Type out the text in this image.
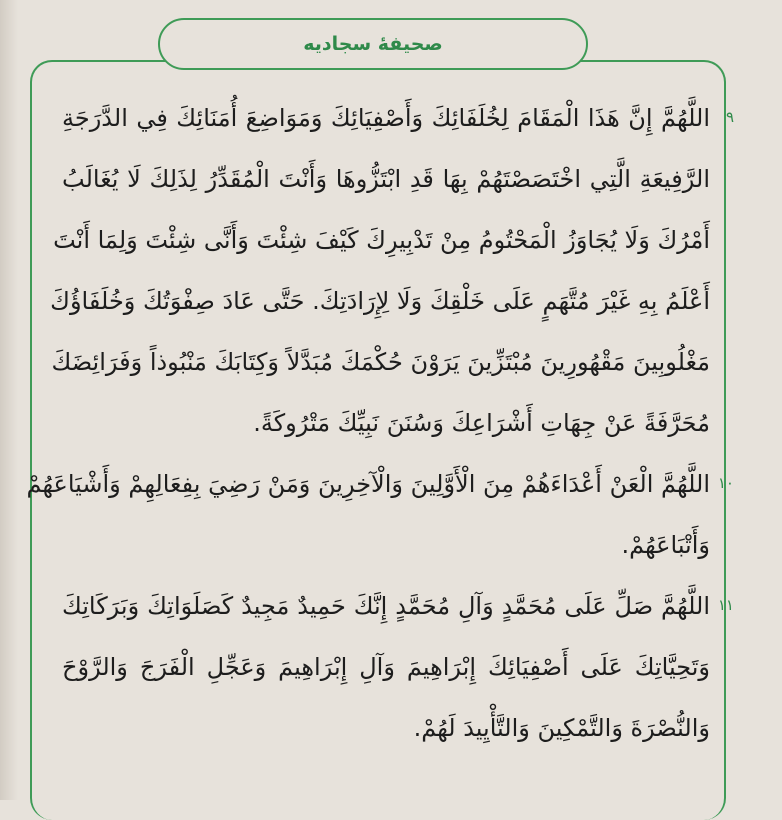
صحيفهٔ سجاديه
٩
اللَّهُمَّ إِنَّ هَذَا الْمَقَامَ لِخُلَفَائِكَ وَأَصْفِيَائِكَ وَمَوَاضِعَ أُمَنَائِكَ فِي الدَّرَجَةِ
الرَّفِيعَةِ الَّتِي اخْتَصَصْتَهُمْ بِهَا قَدِ ابْتَزُّوهَا وَأَنْتَ الْمُقَدِّرُ لِذَلِكَ لَا يُغَالَبُ
أَمْرُكَ وَلَا يُجَاوَزُ الْمَحْتُومُ مِنْ تَدْبِيرِكَ كَيْفَ شِئْتَ وَأَنَّى شِئْتَ وَلِمَا أَنْتَ
أَعْلَمُ بِهِ غَيْرَ مُتَّهَمٍ عَلَى خَلْقِكَ وَلَا لِإِرَادَتِكَ. حَتَّى عَادَ صِفْوَتُكَ وَخُلَفَاؤُكَ
مَغْلُوبِينَ مَقْهُورِينَ مُبْتَزِّينَ يَرَوْنَ حُكْمَكَ مُبَدَّلاً وَكِتَابَكَ مَنْبُوذاً وَفَرَائِضَكَ
مُحَرَّفَةً عَنْ جِهَاتِ أَشْرَاعِكَ وَسُنَنَ نَبِيِّكَ مَتْرُوكَةً.
١٠
اللَّهُمَّ الْعَنْ أَعْدَاءَهُمْ مِنَ الْأَوَّلِينَ وَالْآخِرِينَ وَمَنْ رَضِيَ بِفِعَالِهِمْ وَأَشْيَاعَهُمْ
وَأَتْبَاعَهُمْ.
١١
اللَّهُمَّ صَلِّ عَلَى مُحَمَّدٍ وَآلِ مُحَمَّدٍ إِنَّكَ حَمِيدٌ مَجِيدٌ كَصَلَوَاتِكَ وَبَرَكَاتِكَ
وَتَحِيَّاتِكَ عَلَى أَصْفِيَائِكَ إِبْرَاهِيمَ وَآلِ إِبْرَاهِيمَ وَعَجِّلِ الْفَرَجَ وَالرَّوْحَ
وَالنُّصْرَةَ وَالتَّمْكِينَ وَالتَّأْيِيدَ لَهُمْ.
